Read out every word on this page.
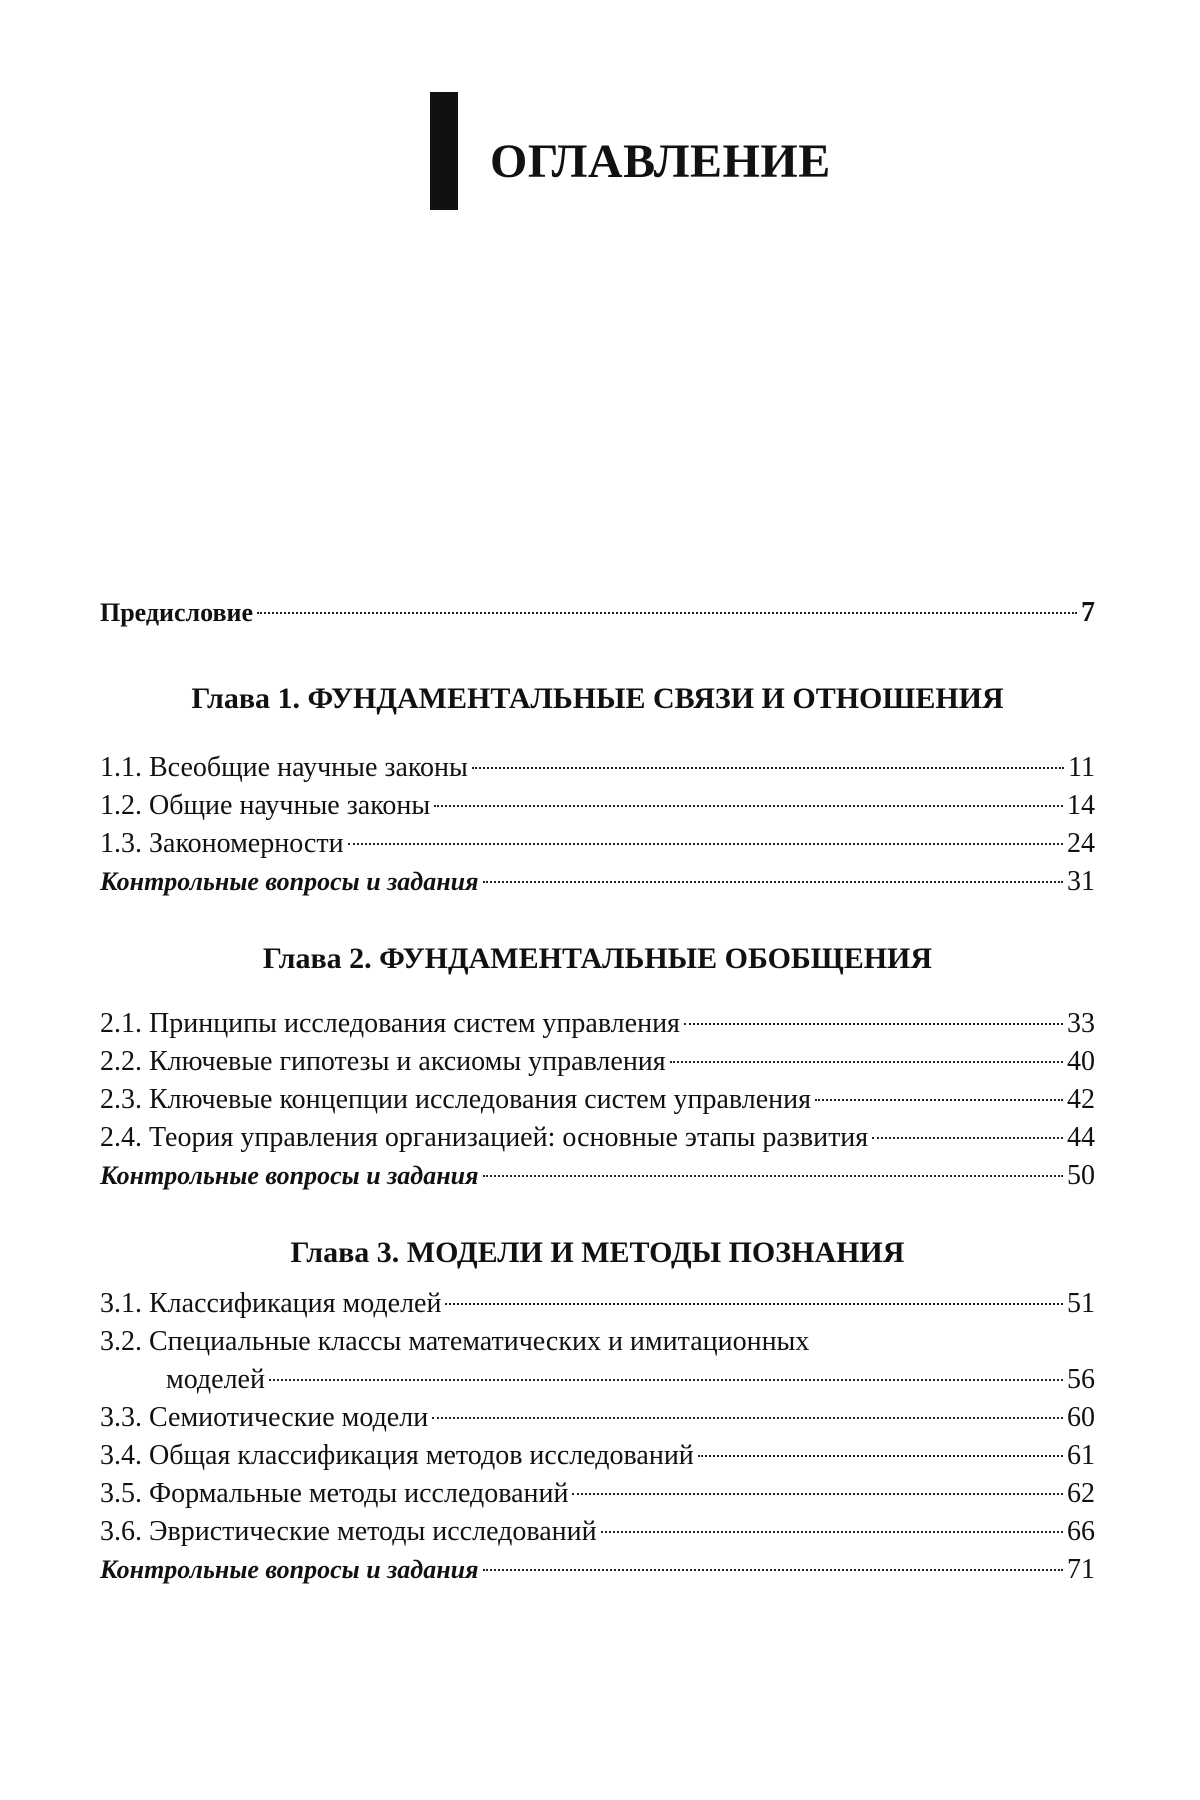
ОГЛАВЛЕНИЕ
Предисловие	7
Глава 1. ФУНДАМЕНТАЛЬНЫЕ СВЯЗИ И ОТНОШЕНИЯ
1.1. Всеобщие научные законы	11
1.2. Общие научные законы	14
1.3. Закономерности	24
Контрольные вопросы и задания	31
Глава 2. ФУНДАМЕНТАЛЬНЫЕ ОБОБЩЕНИЯ
2.1. Принципы исследования систем управления	33
2.2. Ключевые гипотезы и аксиомы управления	40
2.3. Ключевые концепции исследования систем управления	42
2.4. Теория управления организацией: основные этапы развития	44
Контрольные вопросы и задания	50
Глава 3. МОДЕЛИ И МЕТОДЫ ПОЗНАНИЯ
3.1. Классификация моделей	51
3.2. Специальные классы математических и имитационных
моделей	56
3.3. Семиотические модели	60
3.4. Общая классификация методов исследований	61
3.5. Формальные методы исследований	62
3.6. Эвристические методы исследований	66
Контрольные вопросы и задания	71
